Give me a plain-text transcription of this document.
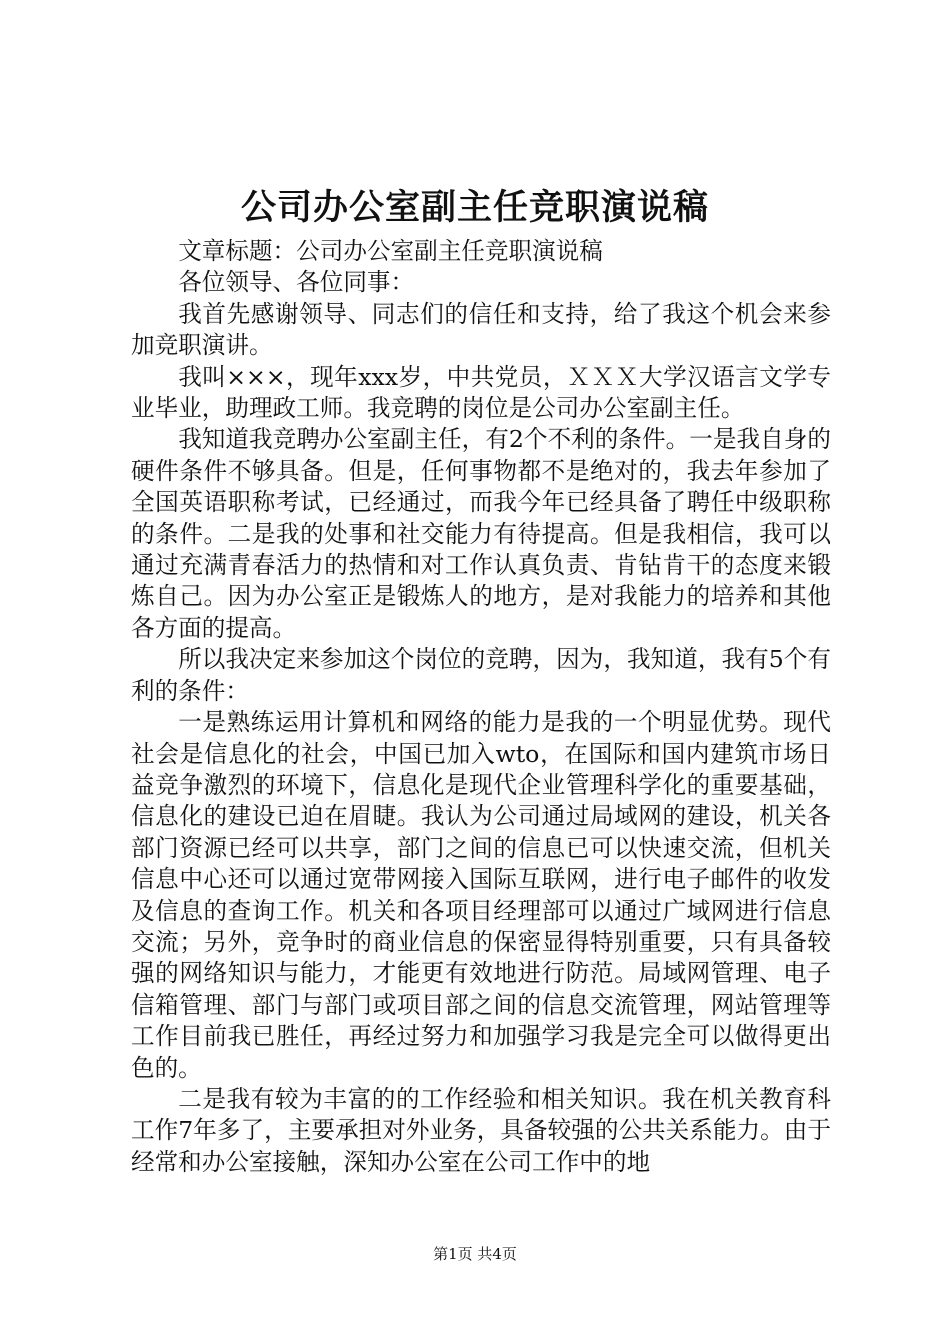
公司办公室副主任竞职演说稿

文章标题：公司办公室副主任竞职演说稿

各位领导、各位同事：

我首先感谢领导、同志们的信任和支持，给了我这个机会来参加竞职演讲。

我叫×××，现年xxx岁，中共党员，ＸＸＸ大学汉语言文学专业毕业，助理政工师。我竞聘的岗位是公司办公室副主任。

我知道我竞聘办公室副主任，有2个不利的条件。一是我自身的硬件条件不够具备。但是，任何事物都不是绝对的，我去年参加了全国英语职称考试，已经通过，而我今年已经具备了聘任中级职称的条件。二是我的处事和社交能力有待提高。但是我相信，我可以通过充满青春活力的热情和对工作认真负责、肯钻肯干的态度来锻炼自己。因为办公室正是锻炼人的地方，是对我能力的培养和其他各方面的提高。

所以我决定来参加这个岗位的竞聘，因为，我知道，我有5个有利的条件：

一是熟练运用计算机和网络的能力是我的一个明显优势。现代社会是信息化的社会，中国已加入wto，在国际和国内建筑市场日益竞争激烈的环境下，信息化是现代企业管理科学化的重要基础，信息化的建设已迫在眉睫。我认为公司通过局域网的建设，机关各部门资源已经可以共享，部门之间的信息已可以快速交流，但机关信息中心还可以通过宽带网接入国际互联网，进行电子邮件的收发及信息的查询工作。机关和各项目经理部可以通过广域网进行信息交流；另外，竞争时的商业信息的保密显得特别重要，只有具备较强的网络知识与能力，才能更有效地进行防范。局域网管理、电子信箱管理、部门与部门或项目部之间的信息交流管理，网站管理等工作目前我已胜任，再经过努力和加强学习我是完全可以做得更出色的。

二是我有较为丰富的的工作经验和相关知识。我在机关教育科工作7年多了，主要承担对外业务，具备较强的公共关系能力。由于经常和办公室接触，深知办公室在公司工作中的地

第1页 共4页
